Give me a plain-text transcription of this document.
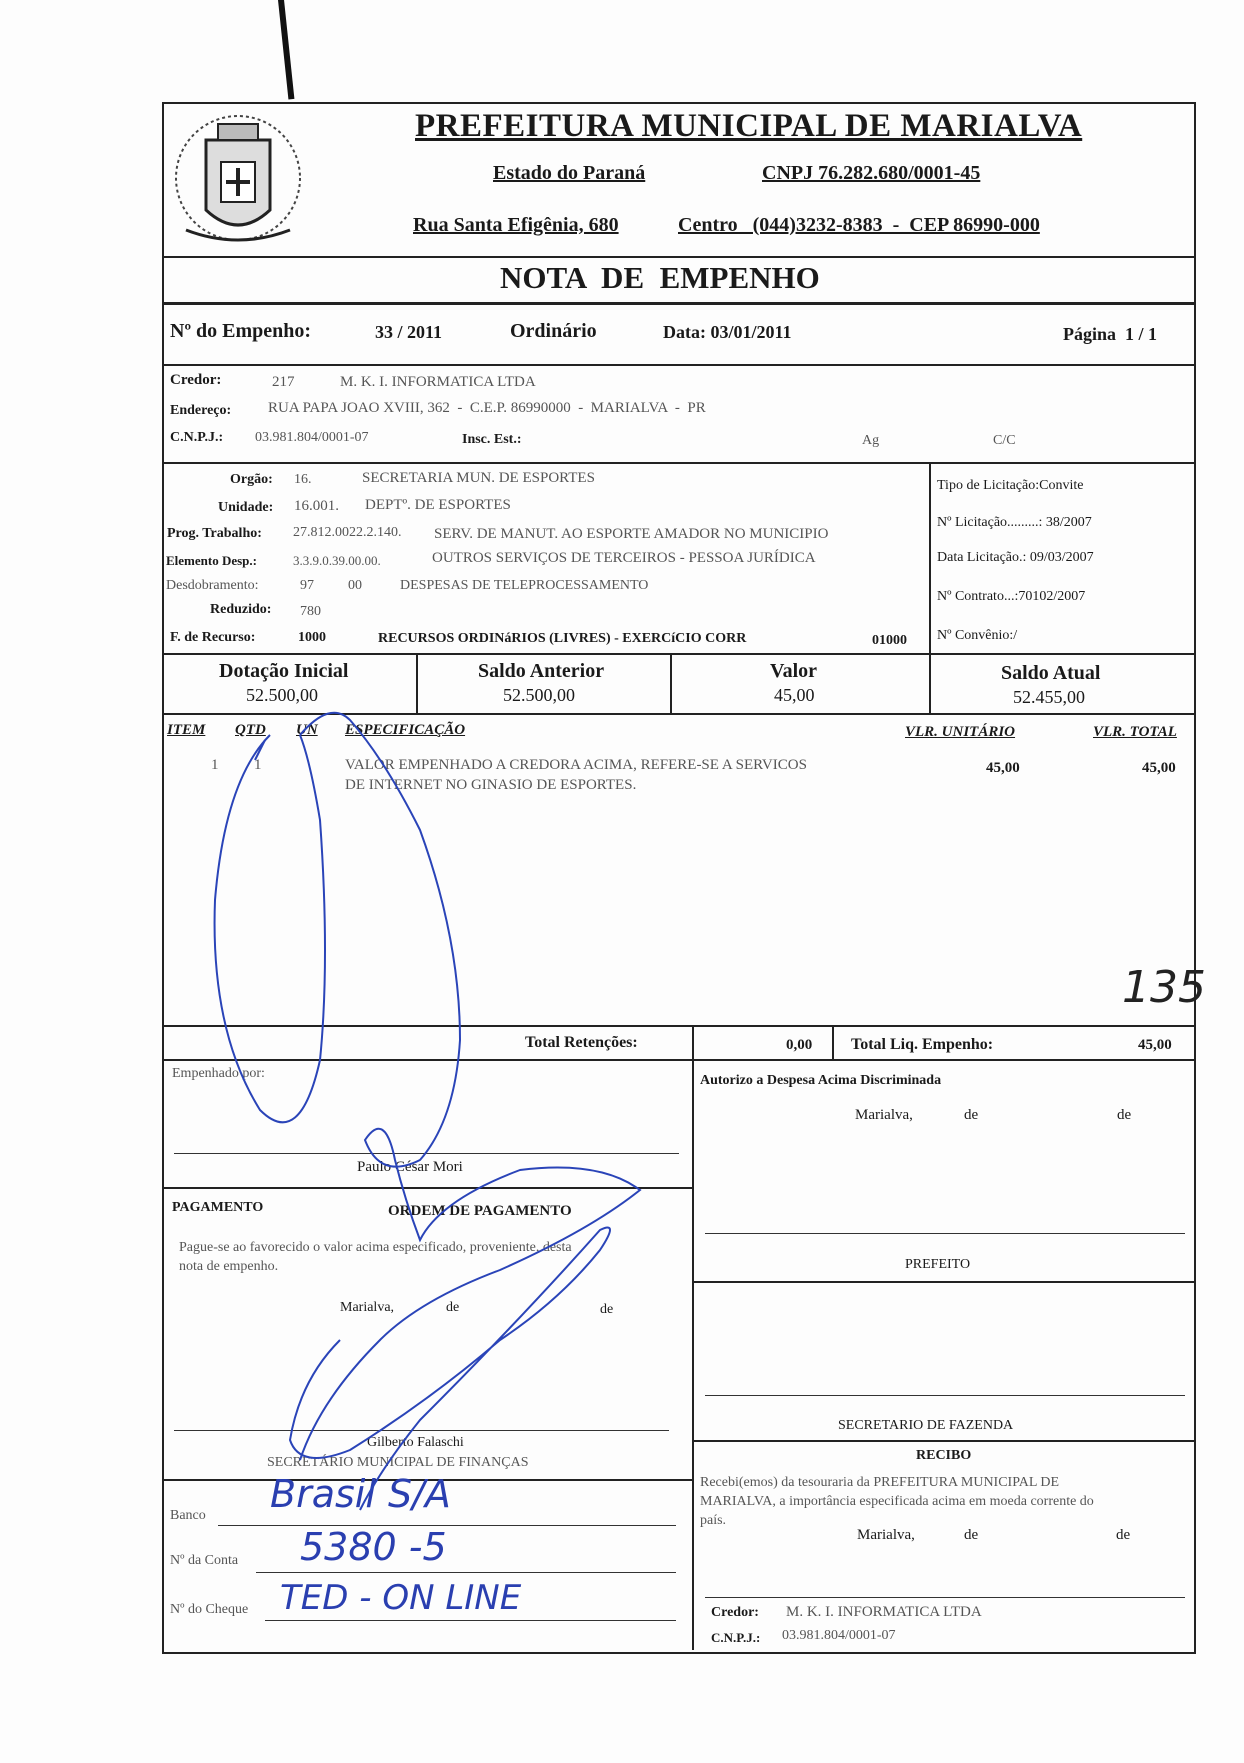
PREFEITURA MUNICIPAL DE MARIALVA
Estado do Paraná	CNPJ 76.282.680/0001-45
Rua Santa Efigênia, 680	Centro   (044)3232-8383  -  CEP 86990-000
NOTA  DE  EMPENHO
Nº do Empenho:	33 / 2011	Ordinário	Data: 03/01/2011	Página  1 / 1
Credor:	217	M. K. I. INFORMATICA LTDA
Endereço: RUA PAPA JOAO XVIII, 362  -  C.E.P. 86990000  -  MARIALVA  -  PR
C.N.P.J.: 03.981.804/0001-07	Insc. Est.:	Ag	C/C
Orgão: 16.	SECRETARIA MUN. DE ESPORTES
Unidade: 16.001. DEPTº. DE ESPORTES
Prog. Trabalho: 27.812.0022.2.140. SERV. DE MANUT. AO ESPORTE AMADOR NO MUNICIPIO
Elemento Desp.:	3.3.9.0.39.00.00.	OUTROS SERVIÇOS DE TERCEIROS - PESSOA JURÍDICA
Desdobramento:	97 00	DESPESAS DE TELEPROCESSAMENTO
Reduzido: 780
F. de Recurso:	1000	RECURSOS ORDINáRIOS (LIVRES) - EXERCíCIO CORR	01000
Tipo de Licitação:Convite
Nº Licitação.........: 38/2007
Data Licitação.: 09/03/2007
Nº Contrato...:70102/2007
Nº Convênio:/
Dotação Inicial
52.500,00
Saldo Anterior
52.500,00
Valor
45,00
Saldo Atual
52.455,00
ITEM QTD UN ESPECIFICAÇÃO	VLR. UNITÁRIO	VLR. TOTAL
1 1	VALOR EMPENHADO A CREDORA ACIMA, REFERE-SE A SERVICOS
DE INTERNET NO GINASIO DE ESPORTES.
45,00	45,00
135
Total Retenções:	0,00 Total Liq. Empenho:	45,00
Empenhado por:
Paulo César Mori
Autorizo a Despesa Acima Discriminada
Marialva,	de	de
PREFEITO
SECRETARIO DE FAZENDA
PAGAMENTO	ORDEM DE PAGAMENTO
Pague-se ao favorecido o valor acima especificado, proveniente, desta
nota de empenho.
Marialva,	de	de
Gilberto Falaschi
SECRETÁRIO MUNICIPAL DE FINANÇAS
Banco Brasil S/A
Nº da Conta 5380 -5
Nº do Cheque TED - ON LINE
RECIBO
Recebi(emos) da tesouraria da PREFEITURA MUNICIPAL DE
MARIALVA, a importância especificada acima em moeda corrente do
país.
Marialva,	de	de
Credor: M. K. I. INFORMATICA LTDA
C.N.P.J.: 03.981.804/0001-07
